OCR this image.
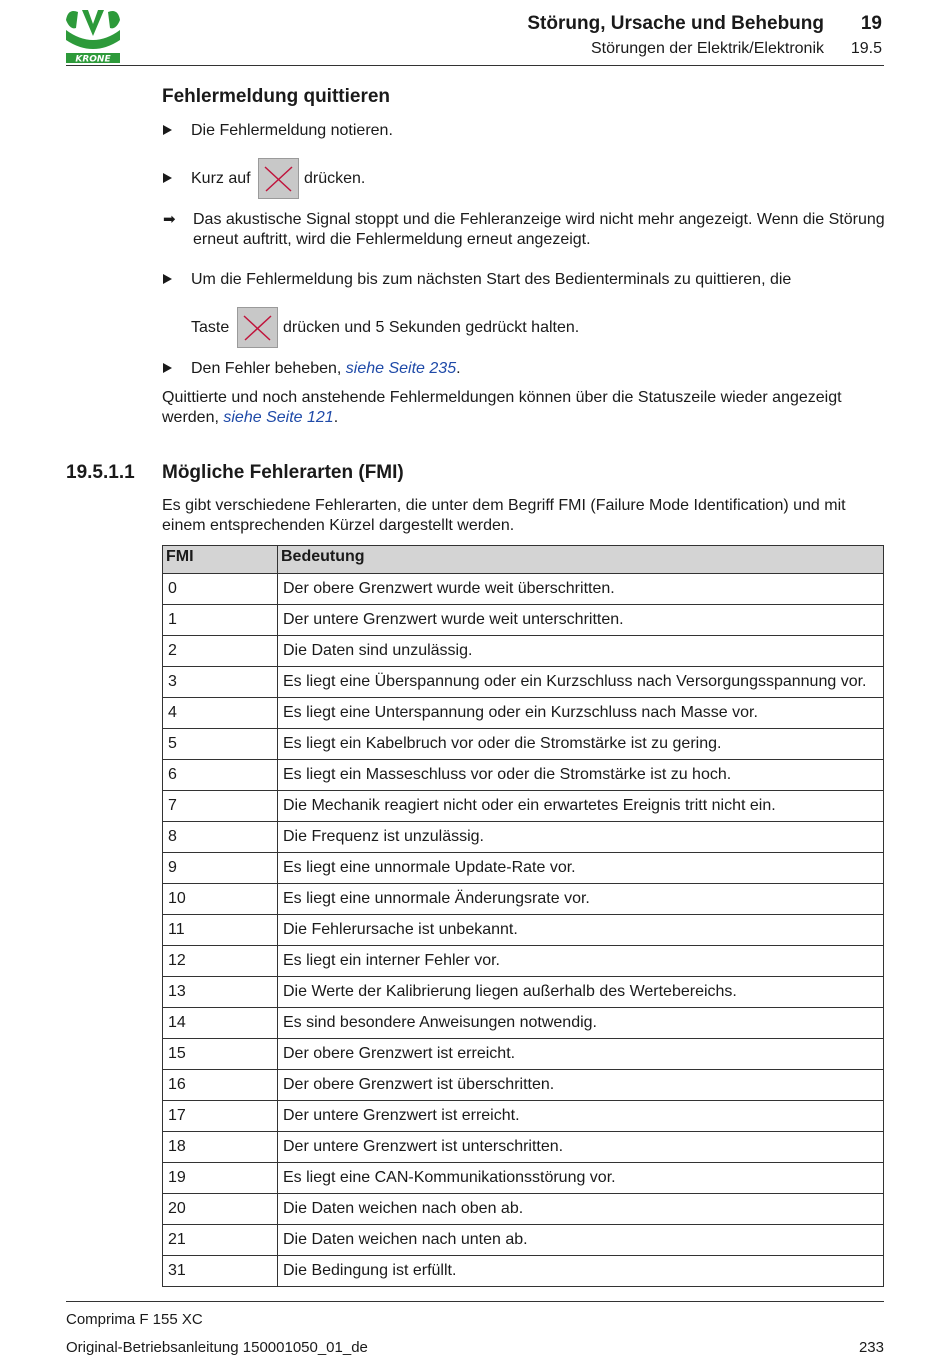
KRONE
Störung, Ursache und Behebung 19
Störungen der Elektrik/Elektronik 19.5
Fehlermeldung quittieren
Die Fehlermeldung notieren.
Kurz auf	drücken.
➡ Das akustische Signal stoppt und die Fehleranzeige wird nicht mehr angezeigt. Wenn die Störung erneut auftritt, wird die Fehlermeldung erneut angezeigt.
Um die Fehlermeldung bis zum nächsten Start des Bedienterminals zu quittieren, die
Taste	drücken und 5 Sekunden gedrückt halten.
Den Fehler beheben, siehe Seite 235.
Quittierte und noch anstehende Fehlermeldungen können über die Statuszeile wieder angezeigt werden, siehe Seite 121.
19.5.1.1 Mögliche Fehlerarten (FMI)
Es gibt verschiedene Fehlerarten, die unter dem Begriff FMI (Failure Mode Identification) und mit einem entsprechenden Kürzel dargestellt werden.
FMI	Bedeutung
0	Der obere Grenzwert wurde weit überschritten.
1	Der untere Grenzwert wurde weit unterschritten.
2	Die Daten sind unzulässig.
3	Es liegt eine Überspannung oder ein Kurzschluss nach Versorgungsspannung vor.
4	Es liegt eine Unterspannung oder ein Kurzschluss nach Masse vor.
5	Es liegt ein Kabelbruch vor oder die Stromstärke ist zu gering.
6	Es liegt ein Masseschluss vor oder die Stromstärke ist zu hoch.
7	Die Mechanik reagiert nicht oder ein erwartetes Ereignis tritt nicht ein.
8	Die Frequenz ist unzulässig.
9	Es liegt eine unnormale Update-Rate vor.
10	Es liegt eine unnormale Änderungsrate vor.
11	Die Fehlerursache ist unbekannt.
12	Es liegt ein interner Fehler vor.
13	Die Werte der Kalibrierung liegen außerhalb des Wertebereichs.
14	Es sind besondere Anweisungen notwendig.
15	Der obere Grenzwert ist erreicht.
16	Der obere Grenzwert ist überschritten.
17	Der untere Grenzwert ist erreicht.
18	Der untere Grenzwert ist unterschritten.
19	Es liegt eine CAN-Kommunikationsstörung vor.
20	Die Daten weichen nach oben ab.
21	Die Daten weichen nach unten ab.
31	Die Bedingung ist erfüllt.
Comprima F 155 XC
Original-Betriebsanleitung 150001050_01_de	233
